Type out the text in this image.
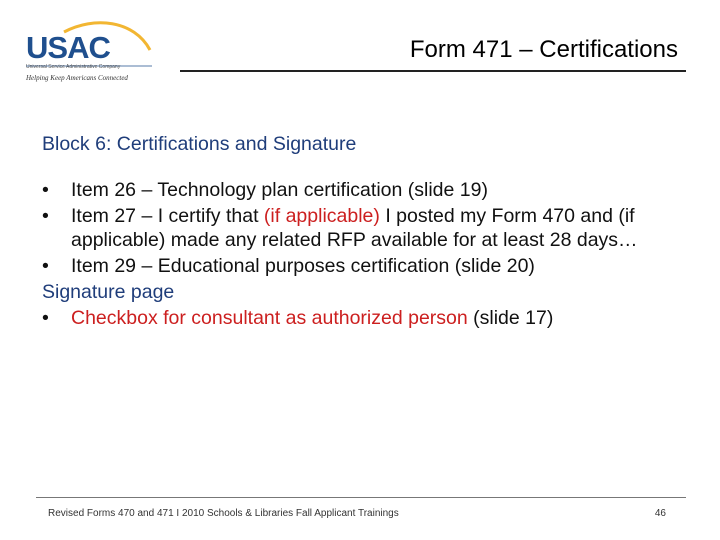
USAC
Universal Service Administrative Company
Helping Keep Americans Connected
Form 471 – Certifications
Block 6: Certifications and Signature
• Item 26 – Technology plan certification (slide 19)
• Item 27 – I certify that (if applicable) I posted my Form 470 and (if applicable) made any related RFP available for at least 28 days…
• Item 29 – Educational purposes certification (slide 20)
Signature page
• Checkbox for consultant as authorized person (slide 17)
Revised Forms 470 and 471 I 2010 Schools & Libraries Fall Applicant Trainings	46
